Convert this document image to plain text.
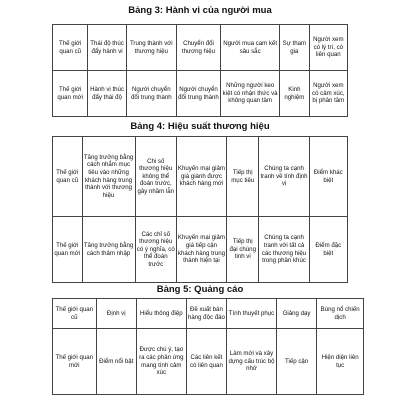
Bảng 3: Hành vi của người mua
Thế giới quan cũ	Thái độ thúc đẩy hành vi	Trung thành với thương hiệu	Chuyển đổi thương hiệu	Người mua cam kết sâu sắc	Sự tham gia	Người xem có lý trí, có liên quan
Thế giới quan mới	Hành vi thúc đẩy thái độ	Người chuyển đổi trung thành	Người chuyển đổi trung thành	Những người keo kiệt có nhận thức và không quan tâm	Kinh nghiệm	Người xem có cảm xúc, bị phân tâm
Bảng 4: Hiệu suất thương hiệu
Thế giới quan cũ	Tăng trưởng bằng cách nhắm mục tiêu vào những khách hàng trung thành với thương hiệu	Chi số thương hiệu không thể đoán trước, gây nhầm lẫn	Khuyến mại giảm giá giành được khách hàng mới	Tiếp thị mục tiêu	Chúng ta cạnh tranh về tính định vị	Điểm khác biệt
Thế giới quan mới	Tăng trưởng bằng cách thâm nhập	Các chỉ số thương hiệu có ý nghĩa, có thể đoán trước	Khuyến mại giảm giá tiếp cận khách hàng trung thành hiện tại	Tiếp thị đại chúng tinh vi	Chúng ta cạnh tranh với tất cả các thương hiệu trong phân khúc	Điểm đặc biệt
Bảng 5: Quảng cáo
Thế giới quan cũ	Định vị	Hiểu thông điệp	Đề xuất bán hàng độc đáo	Tính thuyết phục	Giảng dạy	Bùng nổ chiến dịch
Thế giới quan mới	Điểm nổi bật	Được chú ý, tạo ra các phản ứng mang tính cảm xúc	Các liên kết có liên quan	Làm mới và xây dựng cấu trúc bộ nhớ	Tiếp cận	Hiện diện liên tục
